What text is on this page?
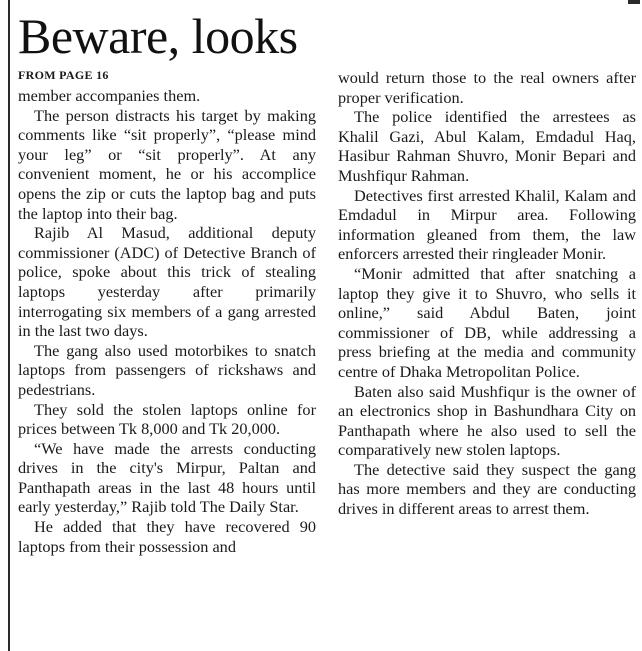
Beware, looks
FROM PAGE 16

member accompanies them.

The person distracts his target by making comments like “sit properly”, “please mind your leg” or “sit properly”. At any convenient moment, he or his accomplice opens the zip or cuts the laptop bag and puts the laptop into their bag.

Rajib Al Masud, additional deputy commissioner (ADC) of Detective Branch of police, spoke about this trick of stealing laptops yesterday after primarily interrogating six members of a gang arrested in the last two days.

The gang also used motorbikes to snatch laptops from passengers of rickshaws and pedestrians.

They sold the stolen laptops online for prices between Tk 8,000 and Tk 20,000.

“We have made the arrests conducting drives in the city's Mirpur, Paltan and Panthapath areas in the last 48 hours until early yesterday,” Rajib told The Daily Star.

He added that they have recovered 90 laptops from their possession and

would return those to the real owners after proper verification.

The police identified the arrestees as Khalil Gazi, Abul Kalam, Emdadul Haq, Hasibur Rahman Shuvro, Monir Bepari and Mushfiqur Rahman.

Detectives first arrested Khalil, Kalam and Emdadul in Mirpur area. Following information gleaned from them, the law enforcers arrested their ringleader Monir.

“Monir admitted that after snatching a laptop they give it to Shuvro, who sells it online,” said Abdul Baten, joint commissioner of DB, while addressing a press briefing at the media and community centre of Dhaka Metropolitan Police.

Baten also said Mushfiqur is the owner of an electronics shop in Bashundhara City on Panthapath where he also used to sell the comparatively new stolen laptops.

The detective said they suspect the gang has more members and they are conducting drives in different areas to arrest them.
